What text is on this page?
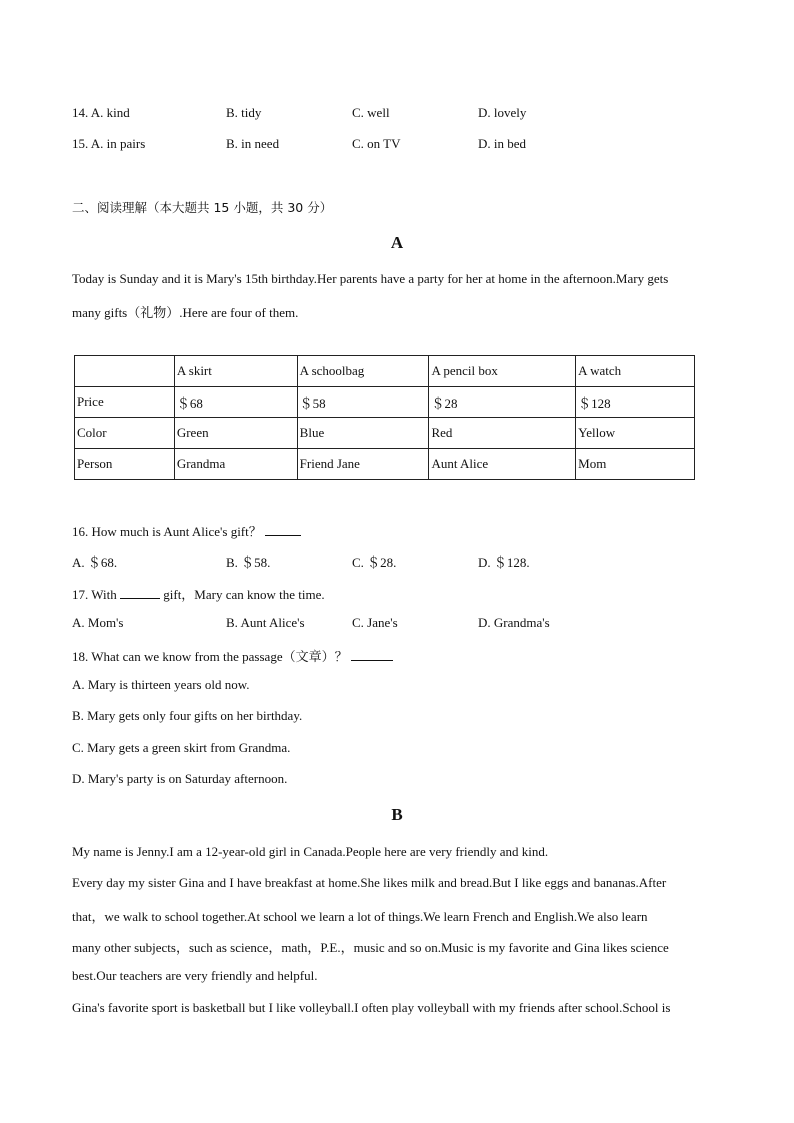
14. A. kind	B. tidy	C. well	D. lovely
15. A. in pairs	B. in need	C. on TV	D. in bed
二、阅读理解（本大题共 15 小题，共 30 分）
A
Today is Sunday and it is Mary's 15th birthday.Her parents have a party for her at home in the afternoon.Mary gets
many gifts（礼物）.Here are four of them.
	A skirt	A schoolbag	A pencil box	A watch
Price	＄68	＄58	＄28	＄128
Color	Green	Blue	Red	Yellow
Person	Grandma	Friend Jane	Aunt Alice	Mom
16. How much is Aunt Alice's gift？
A. ＄68.	B. ＄58.	C. ＄28.	D. ＄128.
17. With	gift，Mary can know the time.
A. Mom's	B. Aunt Alice's	C. Jane's	D. Grandma's
18. What can we know from the passage（文章）？
A. Mary is thirteen years old now.
B. Mary gets only four gifts on her birthday.
C. Mary gets a green skirt from Grandma.
D. Mary's party is on Saturday afternoon.
B
My name is Jenny.I am a 12-year-old girl in Canada.People here are very friendly and kind.
Every day my sister Gina and I have breakfast at home.She likes milk and bread.But I like eggs and bananas.After
that，we walk to school together.At school we learn a lot of things.We learn French and English.We also learn
many other subjects，such as science，math，P.E.，music and so on.Music is my favorite and Gina likes science
best.Our teachers are very friendly and helpful.
Gina's favorite sport is basketball but I like volleyball.I often play volleyball with my friends after school.School is
